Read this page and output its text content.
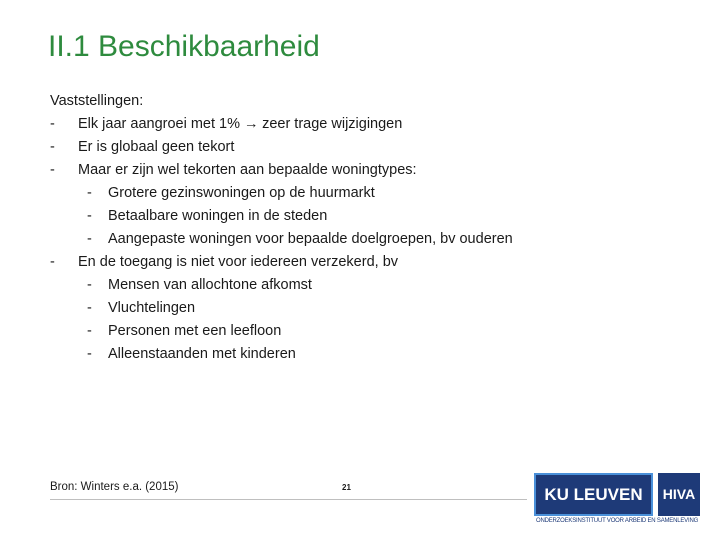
II.1 Beschikbaarheid

Vaststellingen:

- Elk jaar aangroei met 1% → zeer trage wijzigingen
- Er is globaal geen tekort
- Maar er zijn wel tekorten aan bepaalde woningtypes:
- Grotere gezinswoningen op de huurmarkt
- Betaalbare woningen in de steden
- Aangepaste woningen voor bepaalde doelgroepen, bv ouderen
- En de toegang is niet voor iedereen verzekerd, bv
- Mensen van allochtone afkomst
- Vluchtelingen
- Personen met een leefloon
- Alleenstaanden met kinderen
Bron: Winters e.a. (2015)	21	KU LEUVEN	HIVA
ONDERZOEKSINSTITUUT VOOR ARBEID EN SAMENLEVING
